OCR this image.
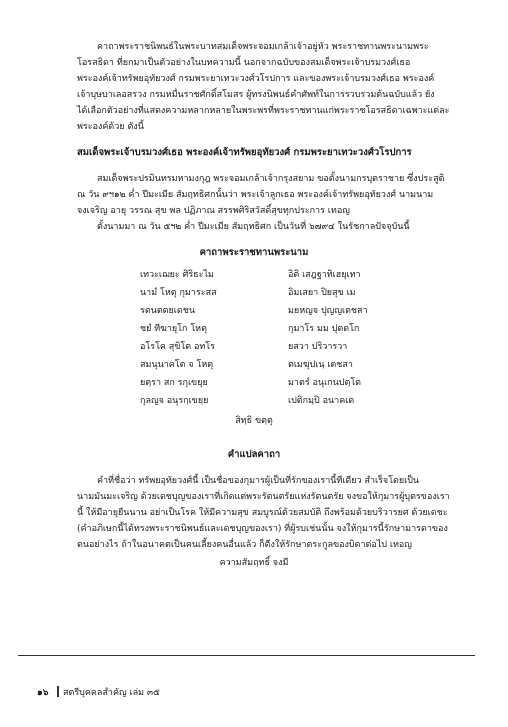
คาถาพระราชนิพนธ์ในพระบาทสมเด็จพระจอมเกล้าเจ้าอยู่หัว พระราชทานพระนามพระ

โอรสธิดา ที่ยกมาเป็นตัวอย่างในบทความนี้ นอกจากฉบับของสมเด็จพระเจ้าบรมวงศ์เธอ

พระองค์เจ้าทรัพยอุทัยวงศ์ กรมพระยาเทวะวงศ์วโรปการ และของพระเจ้าบรมวงศ์เธอ พระองค์

เจ้าบุษบาเลอสรวง กรมหมื่นราชศักดิ์สโมสร ผู้ทรงนิพนธ์คำศัพท์ในการรวบรวมต้นฉบับแล้ว ยัง

ได้เลือกตัวอย่างที่แสดงความหลากหลายในพระพรที่พระราชทานแก่พระราชโอรสธิดาเฉพาะแต่ละ

พระองค์ด้วย ดังนี้

สมเด็จพระเจ้าบรมวงศ์เธอ พระองค์เจ้าทรัพยอุทัยวงศ์ กรมพระยาเทวะวงศ์วโรปการ

สมเด็จพระปรมินทรมหามงกุฎ พระจอมเกล้าเจ้ากรุงสยาม ขอตั้งนามกรบุตราชาย ซึ่งประสูติ

ณ วัน ๙ฯ๑๒ ค่ำ ปีมะเมีย สัมฤทธิศกนั้นว่า พระเจ้าลูกเธอ พระองค์เจ้าทรัพยอุทัยวงศ์ นามนาม

จงเจริญ อายุ วรรณ สุข พล ปฏิภาณ สรรพศิริสวัสดิ์สุขทุกประการ เทอญ

ตั้งนามมา ณ วัน ๕ฯ๒ ค่ำ ปีมะเมีย สัมฤทธิศก เป็นวันที่ ๖๗๙๔ ในรัชกาลปัจจุบันนี้

คาถาพระราชทานพระนาม

เทวะเฌยะ ศิริธะไม	อิติ เสฎฐาทิเฮยุเทา
นามํ โหตุ กุมาระสส	อิมเสยา ปิยสุข เม
รตนตตยเดชน	มยหญจ ปุญญเตชสา
ชยํ ทีฆายุโก โหตุ	กุมาโร มม ปุตตโก
อโรโค สุขิโต อทโร	ยสวา ปริวารวา
สมนุนาคโต จ โหตุ	ตเมฆุปเนฺ เตชสา
ยตฺรา สก รกุเขยุย	มาตรํ อนุเกนปตฺโต
กุลญจ อนุรกฺเขยฺย	เปติกมฺปิ อนาคเต

สิทฺธิ ขตฺตุ

คำแปลคาถา

คำที่ชื่อว่า ทรัพยอุทัยวงศ์นี้ เป็นชื่อของกุมารผู้เป็นที่รักของเรานี้ทีเดียว สำเร็จโดยเป็น

นามมันมะเจริญ ด้วยเดชบุญของเราที่เกิดแต่พระรัตนตรัยแห่งรัตนตรัย จงขอให้กุมารผู้บุตรของเรา

นี้ ให้มีอายุยืนนาน อย่าเป็นโรค ให้มีความสุข สมบูรณ์ด้วยสมบัติ ถึงพร้อมด้วยบริวารยศ ด้วยเดชะ

(คำอภิเษกนี้ได้ทรงพระราชนิพนธ์และเดชบุญของเรา) ที่ผู้รบเช่นนั้น จงให้กุมารนี้รักษามารดาของ

ตนอย่างไร ถ้าในอนาคตเป็นคนเลี้ยงคนอื่นแล้ว ก็ดีงให้รักษาตระกูลของบิดาต่อไป เทอญ

ความสัมฤทธิ์ จงมี

๑๖ สตรีบุคคลสำคัญ เล่ม ๓๕
